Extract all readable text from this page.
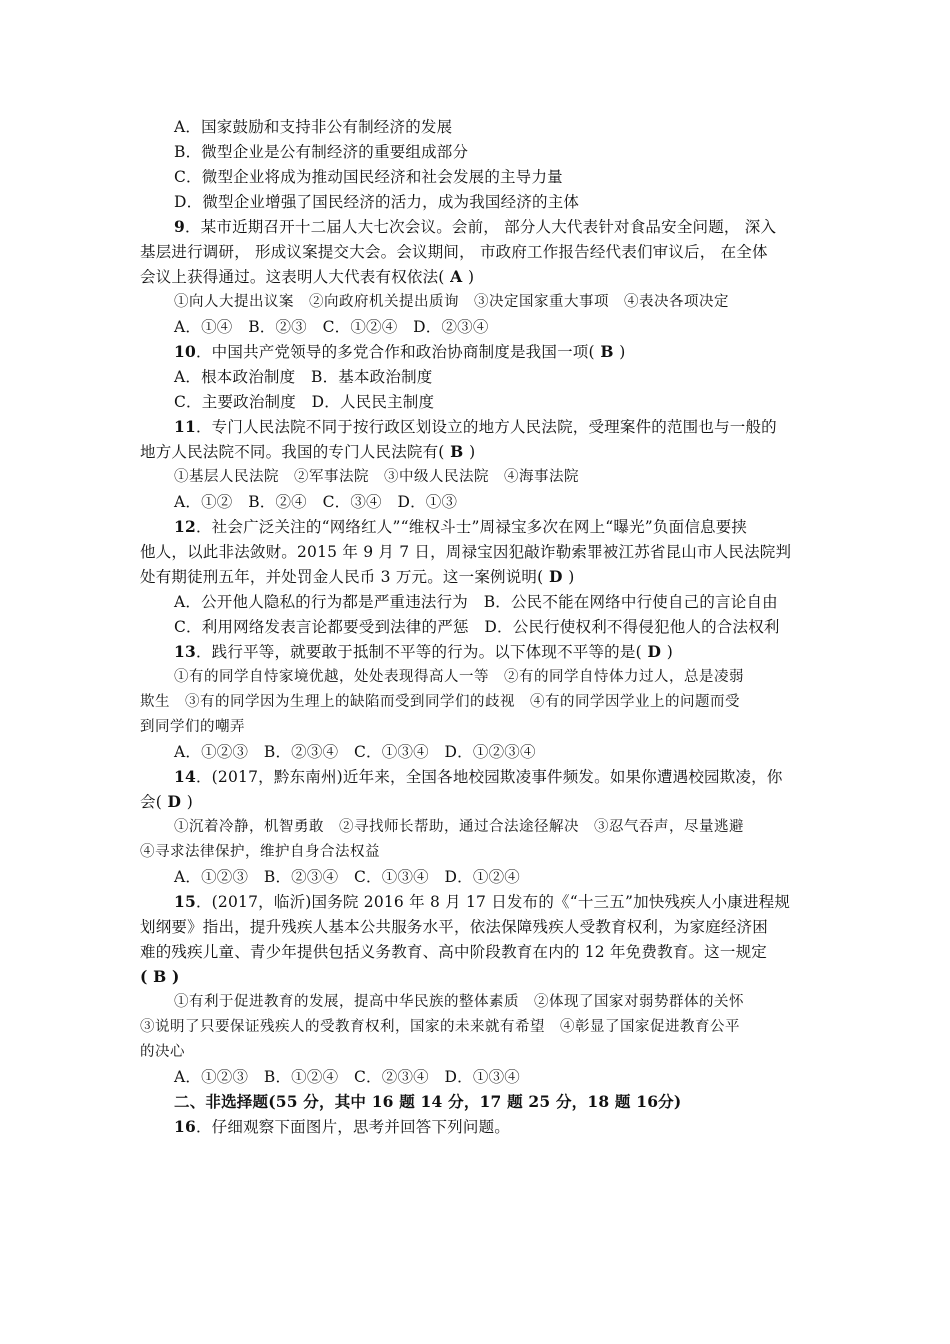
A．国家鼓励和支持非公有制经济的发展
B．微型企业是公有制经济的重要组成部分
C．微型企业将成为推动国民经济和社会发展的主导力量
D．微型企业增强了国民经济的活力，成为我国经济的主体
9．某市近期召开十二届人大七次会议。会前， 部分人大代表针对食品安全问题， 深入
基层进行调研， 形成议案提交大会。会议期间， 市政府工作报告经代表们审议后， 在全体
会议上获得通过。这表明人大代表有权依法( A )
①向人大提出议案　②向政府机关提出质询　③决定国家重大事项　④表决各项决定
A．①④　B．②③　C．①②④　D．②③④
10．中国共产党领导的多党合作和政治协商制度是我国一项( B )
A．根本政治制度　B．基本政治制度
C．主要政治制度　D．人民民主制度
11．专门人民法院不同于按行政区划设立的地方人民法院，受理案件的范围也与一般的
地方人民法院不同。我国的专门人民法院有( B )
①基层人民法院　②军事法院　③中级人民法院　④海事法院
A．①②　B．②④　C．③④　D．①③
12．社会广泛关注的“网络红人”“维权斗士”周禄宝多次在网上“曝光”负面信息要挟
他人，以此非法敛财。2015 年 9 月 7 日，周禄宝因犯敲诈勒索罪被江苏省昆山市人民法院判
处有期徒刑五年，并处罚金人民币 3 万元。这一案例说明( D )
A．公开他人隐私的行为都是严重违法行为　B．公民不能在网络中行使自己的言论自由
C．利用网络发表言论都要受到法律的严惩　D．公民行使权利不得侵犯他人的合法权利
13．践行平等，就要敢于抵制不平等的行为。以下体现不平等的是( D )
①有的同学自恃家境优越，处处表现得高人一等　②有的同学自恃体力过人，总是凌弱
欺生　③有的同学因为生理上的缺陷而受到同学们的歧视　④有的同学因学业上的问题而受
到同学们的嘲弄
A．①②③　B．②③④　C．①③④　D．①②③④
14．(2017，黔东南州)近年来，全国各地校园欺凌事件频发。如果你遭遇校园欺凌，你
会( D )
①沉着冷静，机智勇敢　②寻找师长帮助，通过合法途径解决　③忍气吞声，尽量逃避
④寻求法律保护，维护自身合法权益
A．①②③　B．②③④　C．①③④　D．①②④
15．(2017，临沂)国务院 2016 年 8 月 17 日发布的《“十三五”加快残疾人小康进程规
划纲要》指出，提升残疾人基本公共服务水平，依法保障残疾人受教育权利，为家庭经济困
难的残疾儿童、青少年提供包括义务教育、高中阶段教育在内的 12 年免费教育。这一规定
( B )
①有利于促进教育的发展，提高中华民族的整体素质　②体现了国家对弱势群体的关怀
③说明了只要保证残疾人的受教育权利，国家的未来就有希望　④彰显了国家促进教育公平
的决心
A．①②③　B．①②④　C．②③④　D．①③④
二、非选择题(55 分，其中 16 题 14 分，17 题 25 分，18 题 16分)
16．仔细观察下面图片，思考并回答下列问题。
